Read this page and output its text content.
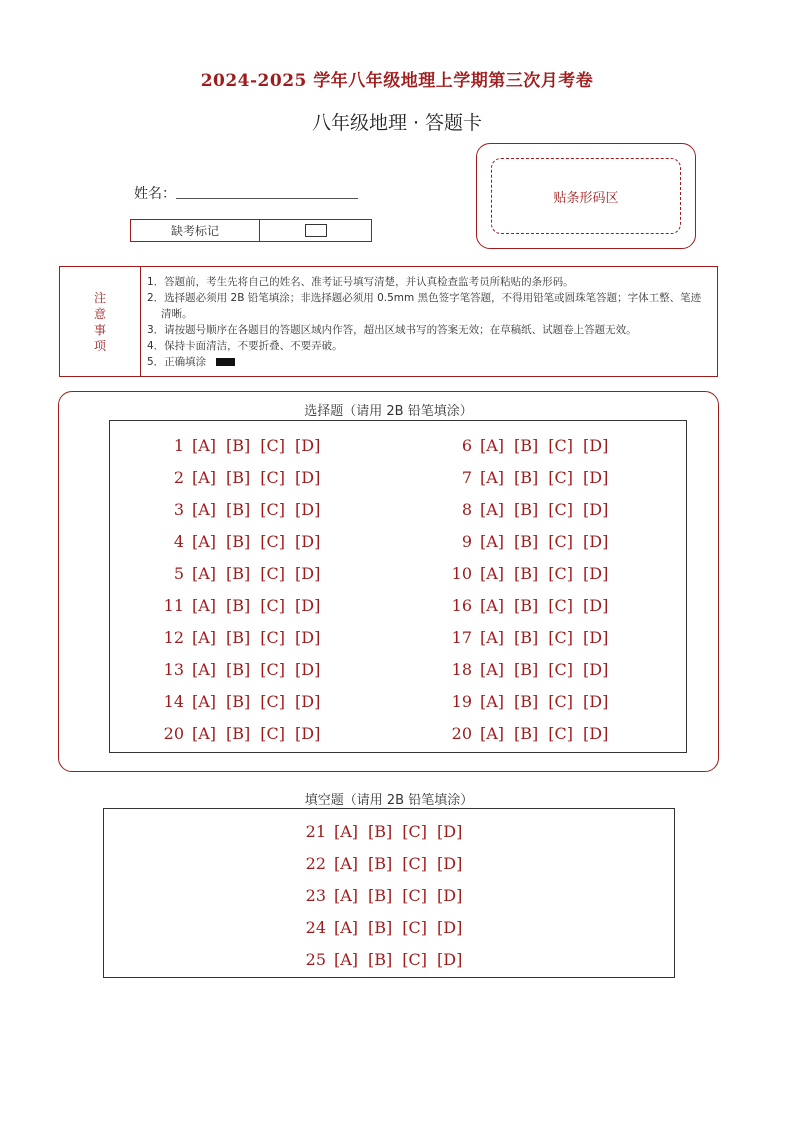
2024-2025 学年八年级地理上学期第三次月考卷
八年级地理 · 答题卡
姓名：
缺考标记
贴条形码区
注
意
事
项
1．答题前，考生先将自己的姓名、准考证号填写清楚，并认真检查监考员所粘贴的条形码。
2．选择题必须用 2B 铅笔填涂；非选择题必须用 0.5mm 黑色签字笔答题，不得用铅笔或圆珠笔答题；字体工整、笔迹清晰。
3．请按题号顺序在各题目的答题区域内作答，超出区域书写的答案无效；在草稿纸、试题卷上答题无效。
4．保持卡面清洁，不要折叠、不要弄破。
5．正确填涂
选择题（请用 2B 铅笔填涂）
1 [A] [B] [C] [D]
2 [A] [B] [C] [D]
3 [A] [B] [C] [D]
4 [A] [B] [C] [D]
5 [A] [B] [C] [D]
11 [A] [B] [C] [D]
12 [A] [B] [C] [D]
13 [A] [B] [C] [D]
14 [A] [B] [C] [D]
20 [A] [B] [C] [D]
6 [A] [B] [C] [D]
7 [A] [B] [C] [D]
8 [A] [B] [C] [D]
9 [A] [B] [C] [D]
10 [A] [B] [C] [D]
16 [A] [B] [C] [D]
17 [A] [B] [C] [D]
18 [A] [B] [C] [D]
19 [A] [B] [C] [D]
20 [A] [B] [C] [D]
填空题（请用 2B 铅笔填涂）
21 [A] [B] [C] [D]
22 [A] [B] [C] [D]
23 [A] [B] [C] [D]
24 [A] [B] [C] [D]
25 [A] [B] [C] [D]
